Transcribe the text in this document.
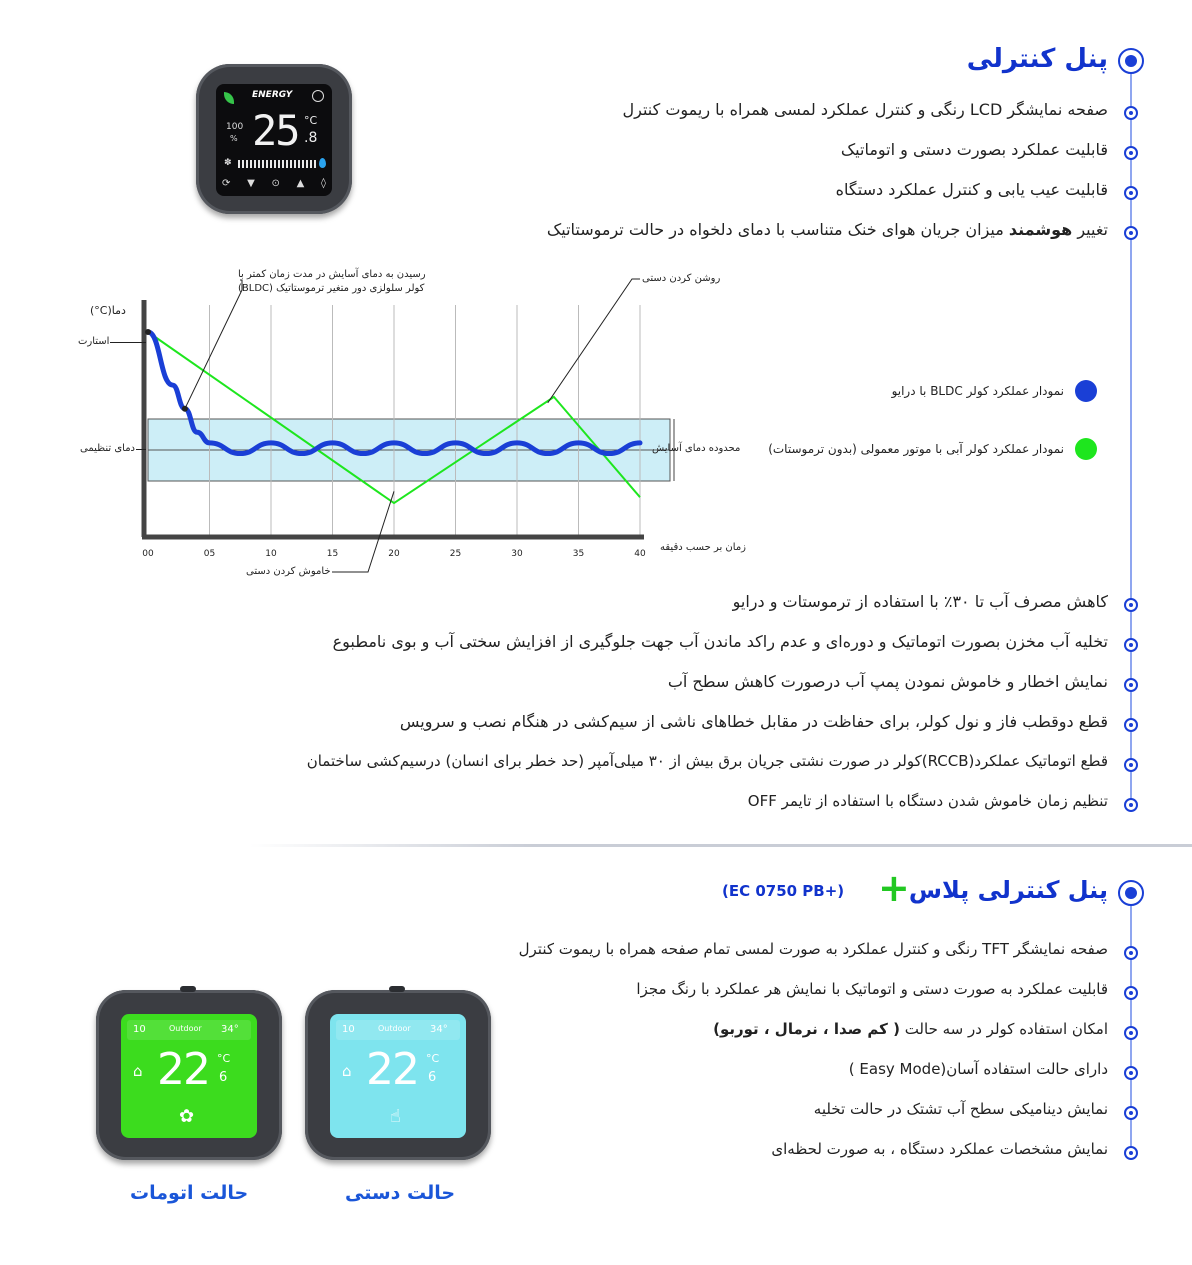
پنل کنترلی
صفحه نمایشگر LCD رنگی و کنترل عملکرد لمسی همراه با ریموت کنترل
قابلیت عملکرد بصورت دستی و اتوماتیک
قابلیت عیب یابی و کنترل عملکرد دستگاه
تغییر هوشمند میزان جریان هوای خنک متناسب با دمای دلخواه در حالت ترموستاتیک
ENERGY
100
% 25 °C
.8
✽
⟳ ▼ ⊙ ▲ ◊
00	05	10	15	20	25	30	35	40
دما(C°)
استارت
دمای تنظیمی	محدوده دمای آسایش
زمان بر حسب دقیقه
رسیدن به دمای آسایش در مدت زمان کمتر با
کولر سلولزی دور متغیر ترموستاتیک (BLDC)
روشن کردن دستی
خاموش کردن دستی
نمودار عملکرد کولر BLDC با درایو
نمودار عملکرد کولر آبی با موتور معمولی (بدون ترموستات)
کاهش مصرف آب تا ۳۰٪ با استفاده از ترموستات و درایو
تخلیه آب مخزن بصورت اتوماتیک و دوره‌ای و عدم راکد ماندن آب جهت جلوگیری از افزایش سختی آب و بوی نامطبوع
نمایش اخطار و خاموش نمودن پمپ آب درصورت کاهش سطح آب
قطع دوقطب فاز و نول کولر، برای حفاظت در مقابل خطاهای ناشی از سیم‌کشی در هنگام نصب و سرویس
قطع اتوماتیک عملکرد(RCCB)کولر در صورت نشتی جریان برق بیش از ۳۰ میلی‌آمپر (حد خطر برای انسان) درسیم‌کشی ساختمان
تنظیم زمان خاموش شدن دستگاه با استفاده از تایمر OFF
پنل کنترلی پلاس
+
(EC 0750 PB+)
صفحه نمایشگر TFT رنگی و کنترل عملکرد به صورت لمسی تمام صفحه همراه با ریموت کنترل
قابلیت عملکرد به صورت دستی و اتوماتیک با نمایش هر عملکرد با رنگ مجزا
امکان استفاده کولر در سه حالت ( کم صدا ، نرمال ، توربو)
دارای حالت استفاده آسان(Easy Mode )
نمایش دینامیکی سطح آب تشتک در حالت تخلیه
نمایش مشخصات عملکرد دستگاه ، به صورت لحظه‌ای
10	Outdoor 34°
⌂ 22 °C
6
✿
حالت اتومات
10	Outdoor 34°
⌂ 22 °C
6
☝
حالت دستی
